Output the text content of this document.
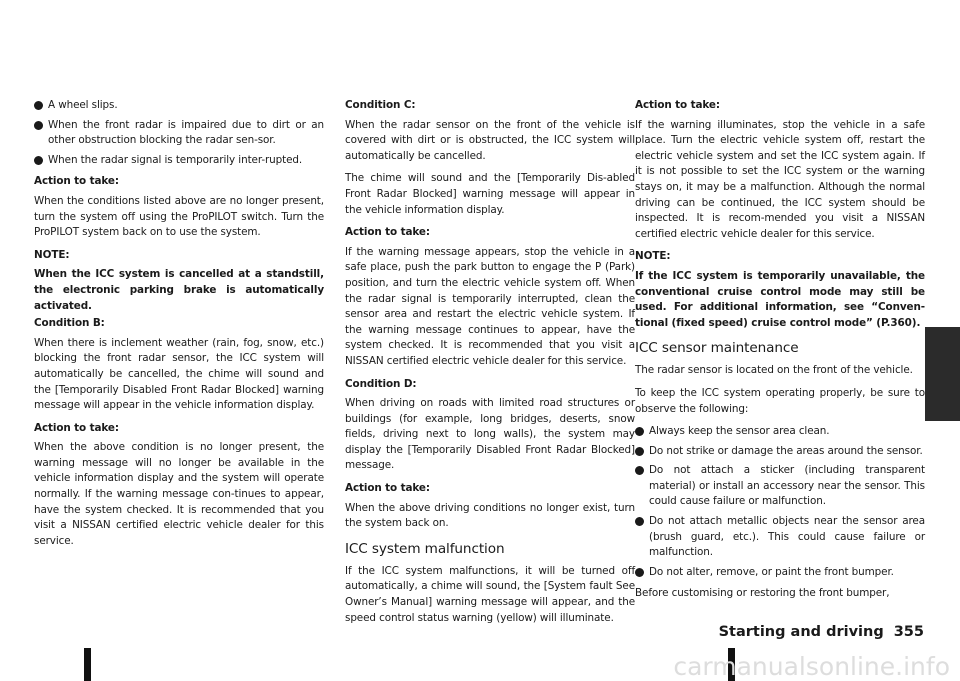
A wheel slips.
When the front radar is impaired due to dirt or an other obstruction blocking the radar sen-sor.
When the radar signal is temporarily inter-rupted.

Action to take:

When the conditions listed above are no longer present, turn the system off using the ProPILOT switch. Turn the ProPILOT system back on to use the system.

NOTE:

When the ICC system is cancelled at a standstill, the electronic parking brake is automatically activated.

Condition B:

When there is inclement weather (rain, fog, snow, etc.) blocking the front radar sensor, the ICC system will automatically be cancelled, the chime will sound and the [Temporarily Disabled Front Radar Blocked] warning message will appear in the vehicle information display.

Action to take:

When the above condition is no longer present, the warning message will no longer be available in the vehicle information display and the system will operate normally. If the warning message con-tinues to appear, have the system checked. It is recommended that you visit a NISSAN certified electric vehicle dealer for this service.

Condition C:

When the radar sensor on the front of the vehicle is covered with dirt or is obstructed, the ICC system will automatically be cancelled.

The chime will sound and the [Temporarily Dis-abled Front Radar Blocked] warning message will appear in the vehicle information display.

Action to take:

If the warning message appears, stop the vehicle in a safe place, push the park button to engage the P (Park) position, and turn the electric vehicle system off. When the radar signal is temporarily interrupted, clean the sensor area and restart the electric vehicle system. If the warning message continues to appear, have the system checked. It is recommended that you visit a NISSAN certified electric vehicle dealer for this service.

Condition D:

When driving on roads with limited road structures or buildings (for example, long bridges, deserts, snow fields, driving next to long walls), the system may display the [Temporarily Disabled Front Radar Blocked] message.

Action to take:

When the above driving conditions no longer exist, turn the system back on.

ICC system malfunction

If the ICC system malfunctions, it will be turned off automatically, a chime will sound, the [System fault See Owner’s Manual] warning message will appear, and the speed control status warning (yellow) will illuminate.

Action to take:

If the warning illuminates, stop the vehicle in a safe place. Turn the electric vehicle system off, restart the electric vehicle system and set the ICC system again. If it is not possible to set the ICC system or the warning stays on, it may be a malfunction. Although the normal driving can be continued, the ICC system should be inspected. It is recom-mended you visit a NISSAN certified electric vehicle dealer for this service.

NOTE:

If the ICC system is temporarily unavailable, the conventional cruise control mode may still be used. For additional information, see “Conven-tional (fixed speed) cruise control mode” (P.360).

ICC sensor maintenance

The radar sensor is located on the front of the vehicle.

To keep the ICC system operating properly, be sure to observe the following:

Always keep the sensor area clean.
Do not strike or damage the areas around the sensor.
Do not attach a sticker (including transparent material) or install an accessory near the sensor. This could cause failure or malfunction.
Do not attach metallic objects near the sensor area (brush guard, etc.). This could cause failure or malfunction.
Do not alter, remove, or paint the front bumper.

Before customising or restoring the front bumper,

Starting and driving 355
carmanualsonline.info
